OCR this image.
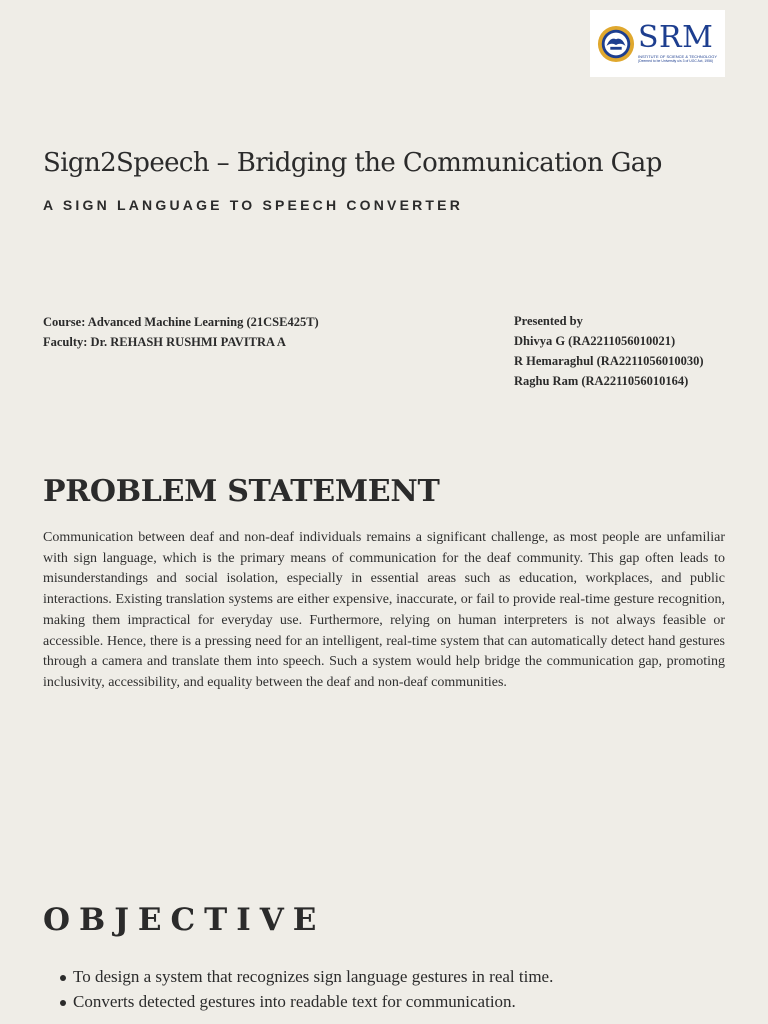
SRM
INSTITUTE OF SCIENCE & TECHNOLOGY
(Deemed to be University u/s 3 of UGC Act, 1956)
Sign2Speech – Bridging the Communication Gap
A SIGN LANGUAGE TO SPEECH CONVERTER
Course: Advanced Machine Learning (21CSE425T)
Faculty: Dr. REHASH RUSHMI PAVITRA A
Presented by
Dhivya G (RA2211056010021)
R Hemaraghul (RA2211056010030)
Raghu Ram (RA2211056010164)
PROBLEM STATEMENT

Communication between deaf and non-deaf individuals remains a significant challenge, as most people are unfamiliar with sign language, which is the primary means of communication for the deaf community. This gap often leads to misunderstandings and social isolation, especially in essential areas such as education, workplaces, and public interactions. Existing translation systems are either expensive, inaccurate, or fail to provide real-time gesture recognition, making them impractical for everyday use. Furthermore, relying on human interpreters is not always feasible or accessible. Hence, there is a pressing need for an intelligent, real-time system that can automatically detect hand gestures through a camera and translate them into speech. Such a system would help bridge the communication gap, promoting inclusivity, accessibility, and equality between the deaf and non-deaf communities.

OBJECTIVE
To design a system that recognizes sign language gestures in real time.
Converts detected gestures into readable text for communication.
